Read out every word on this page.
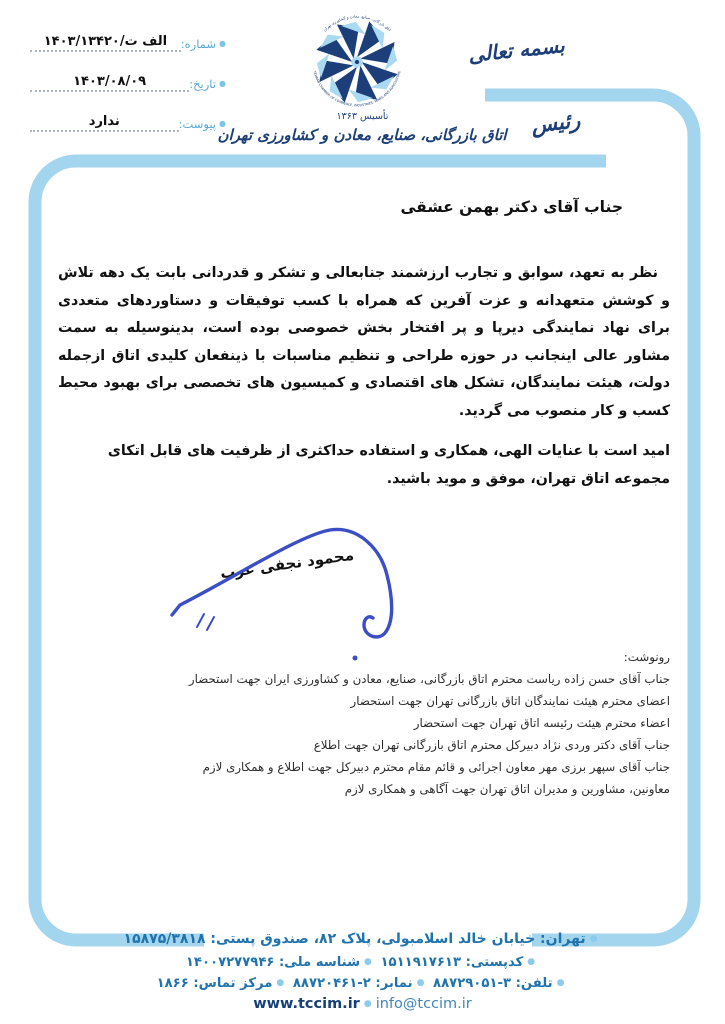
●
شماره:
۱۴۰۳/۱۳۴۲۰/الف ت
●
تاریخ:
۱۴۰۳/۰۸/۰۹
●
پیوست:
ندارد
اتاق بازرگانی، صنایع، معادن و کشاورزی تهران
TEHRAN CHAMBER OF COMMERCE, INDUSTRIES, MINES AND AGRICULTURE
تأسیس ۱۳۶۳
اتاق بازرگانی، صنایع، معادن و کشاورزی تهران
بسمه تعالی
رئیس
جناب آقای دکتر بهمن عشقی

نظر به تعهد، سوابق و تجارب ارزشمند جنابعالی و تشکر و قدردانی بابت یک دهه تلاش و کوشش متعهدانه و عزت آفرین که همراه با کسب توفیقات و دستاوردهای متعددی برای نهاد نمایندگی دیرپا و پر افتخار بخش خصوصی بوده است، بدینوسیله به سمت مشاور عالی اینجانب در حوزه طراحی و تنظیم مناسبات با ذینفعان کلیدی اتاق ازجمله دولت، هیئت نمایندگان، تشکل های اقتصادی و کمیسیون های تخصصی برای بهبود محیط کسب و کار منصوب می گردید.

امید است با عنایات الهی، همکاری و استفاده حداکثری از ظرفیت های قابل اتکای مجموعه اتاق تهران، موفق و موید باشید.

محمود نجفی عرب
رونوشت:
جناب آقای حسن زاده ریاست محترم اتاق بازرگانی، صنایع، معادن و کشاورزی ایران جهت استحضار
اعضای محترم هیئت نمایندگان اتاق بازرگانی تهران جهت استحضار
اعضاء محترم هیئت رئیسه اتاق تهران جهت استحضار
جناب آقای دکتر وردی نژاد دبیرکل محترم اتاق بازرگانی تهران جهت اطلاع
جناب آقای سپهر برزی مهر معاون اجرائی و قائم مقام محترم دبیرکل جهت اطلاع و همکاری لازم
معاونین، مشاورین و مدیران اتاق تهران جهت آگاهی و همکاری لازم
●تهران: خیابان خالد اسلامبولی، پلاک ۸۲، صندوق پستی: ۱۵۸۷۵/۳۸۱۸
●کدپستی: ۱۵۱۱۹۱۷۶۱۳ ●شناسه ملی: ۱۴۰۰۷۲۷۷۹۴۶
●تلفن: ۳-۸۸۷۲۹۰۵۱ ●نمابر: ۲-۸۸۷۲۰۴۶۱ ●مرکز تماس: ۱۸۶۶
www.tccim.ir ● info@tccim.ir
